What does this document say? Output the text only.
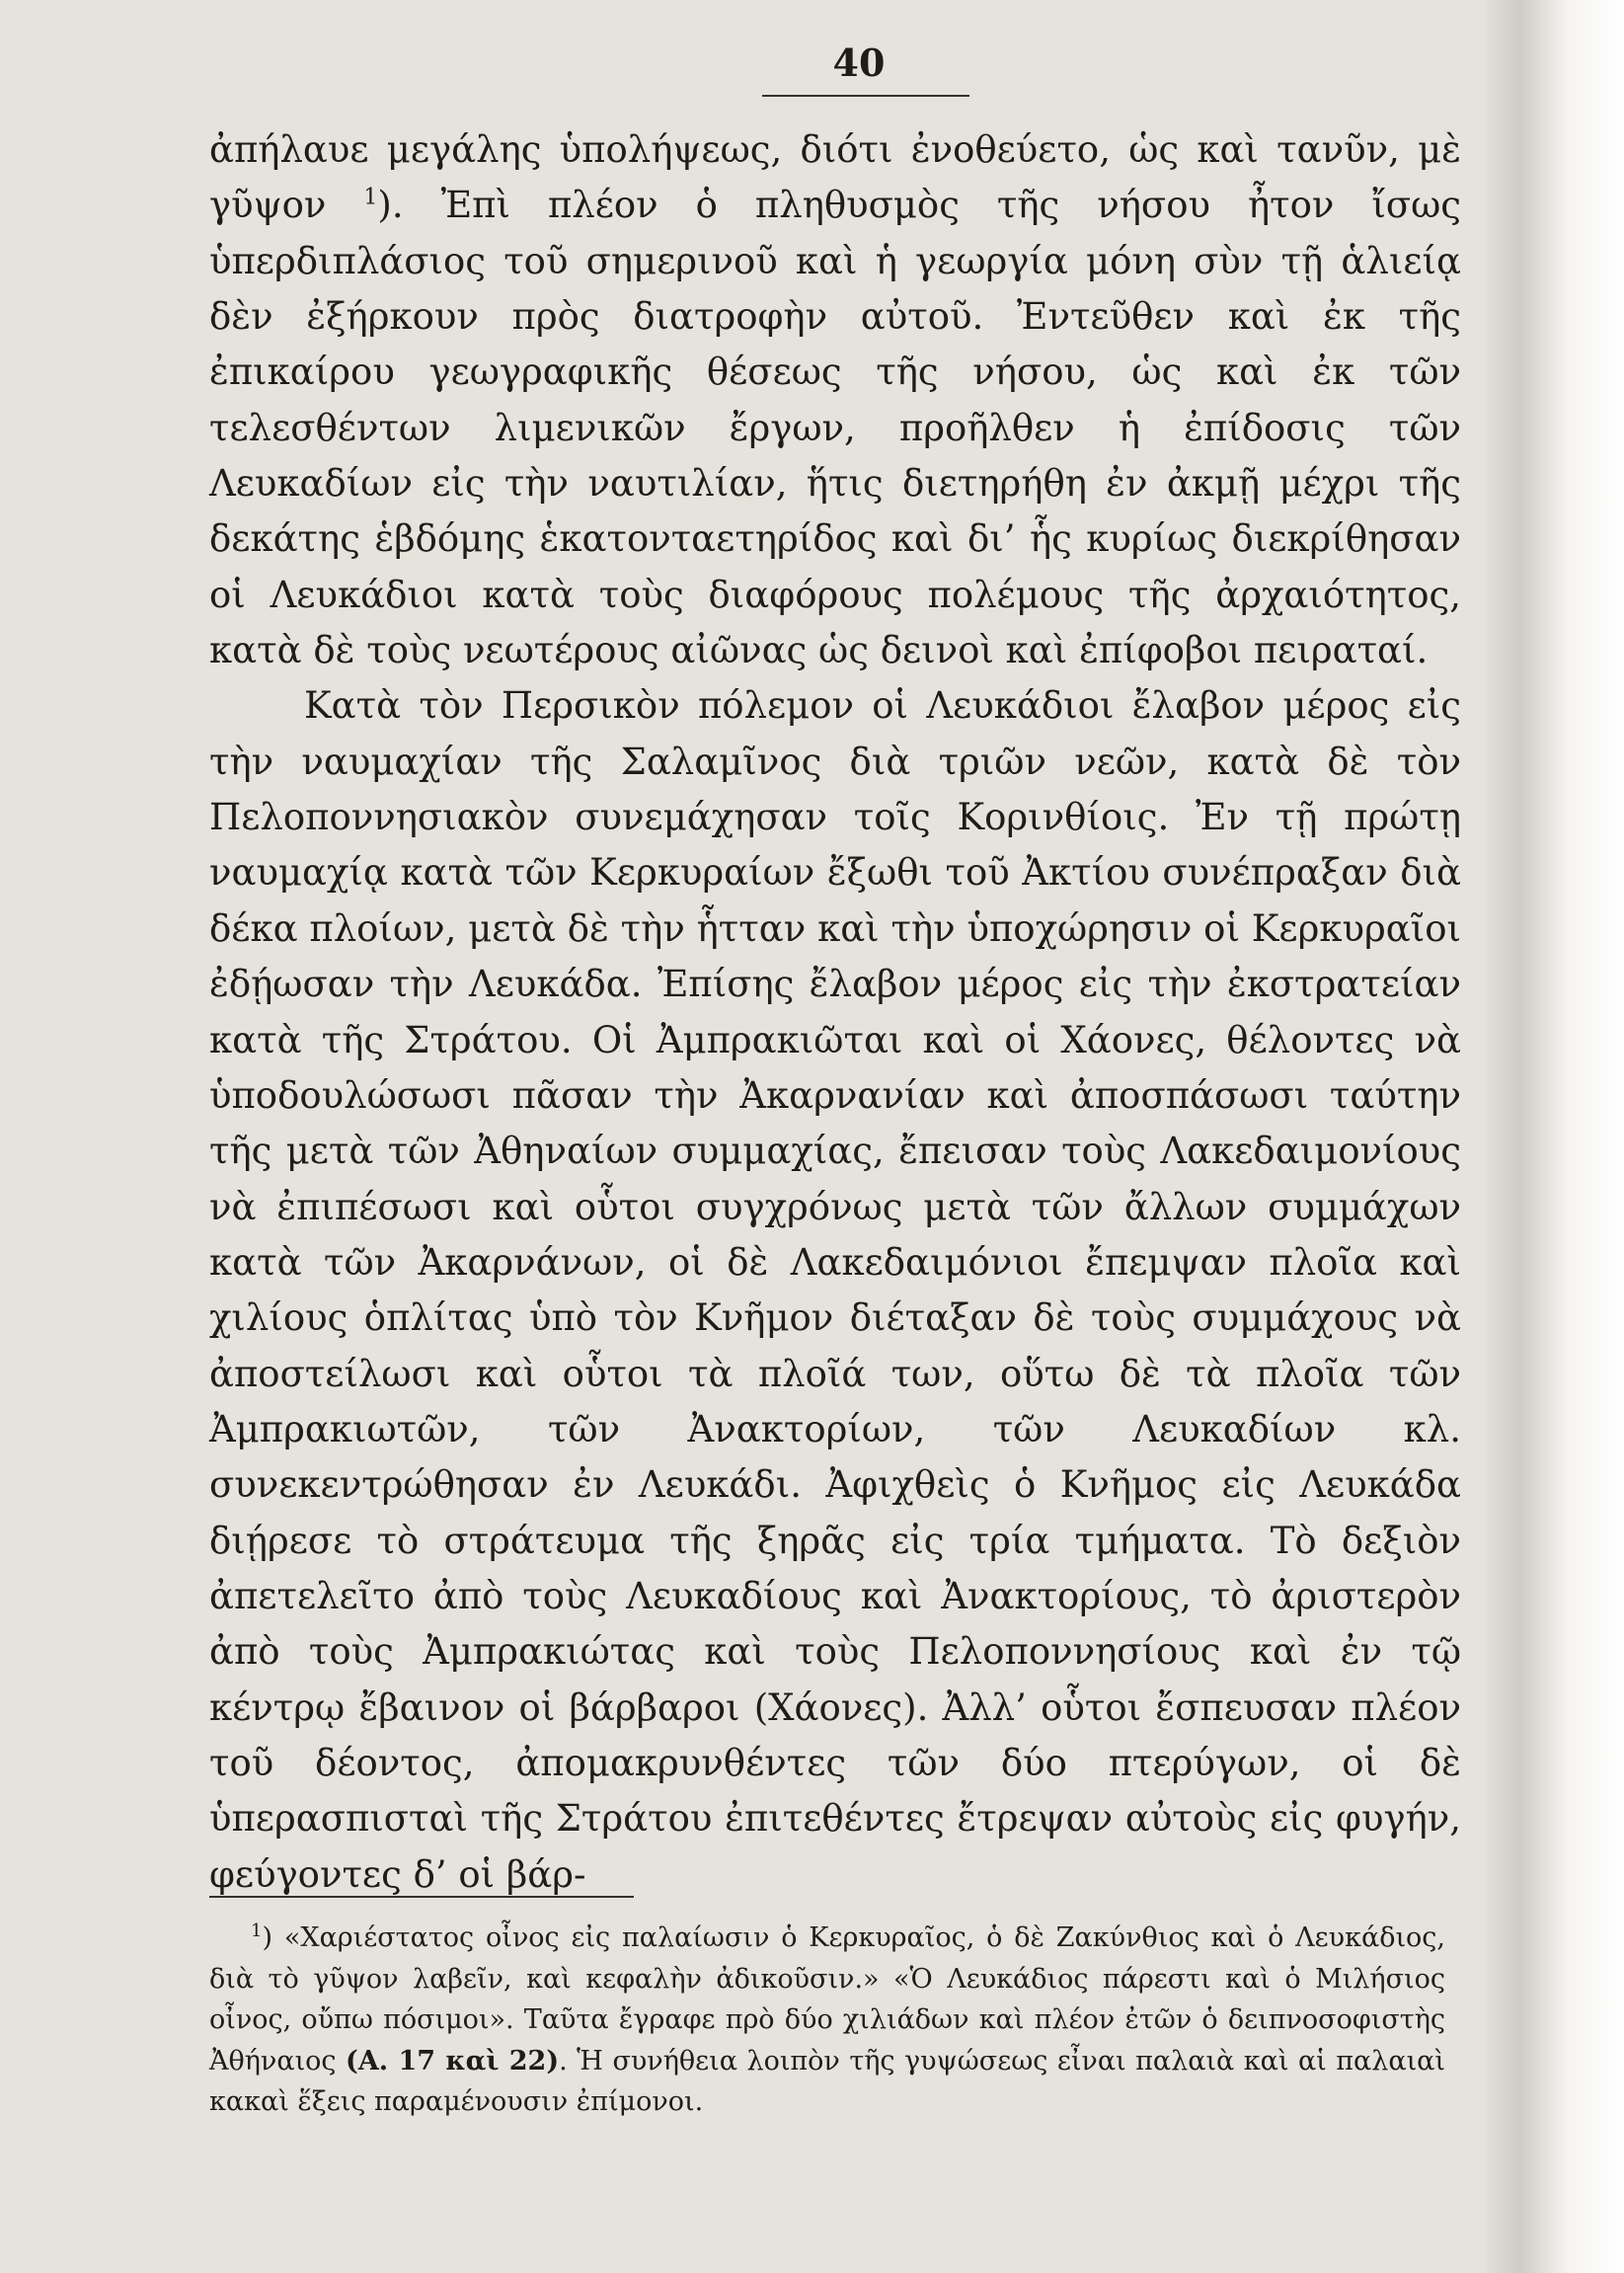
40

ἀπήλαυε μεγάλης ὑπολήψεως, διότι ἐνοθεύετο, ὡς καὶ τανῦν, μὲ γῦψον $^1$). Ἐπὶ πλέον ὁ πληθυσμὸς τῆς νήσου ἦτον ἴσως ὑπερδιπλάσιος τοῦ σημερινοῦ καὶ ἡ γεωργία μόνη σὺν τῇ ἁλιείᾳ δὲν ἐξήρκουν πρὸς διατροφὴν αὐτοῦ. Ἐντεῦθεν καὶ ἐκ τῆς ἐπικαίρου γεωγραφικῆς θέσεως τῆς νήσου, ὡς καὶ ἐκ τῶν τελεσθέντων λιμενικῶν ἔργων, προῆλθεν ἡ ἐπίδοσις τῶν Λευκαδίων εἰς τὴν ναυτιλίαν, ἥτις διετηρήθη ἐν ἀκμῇ μέχρι τῆς δεκάτης ἑβδόμης ἑκατονταετηρίδος καὶ δι’ ἧς κυρίως διεκρίθησαν οἱ Λευκάδιοι κατὰ τοὺς διαφόρους πολέμους τῆς ἀρχαιότητος, κατὰ δὲ τοὺς νεωτέρους αἰῶνας ὡς δεινοὶ καὶ ἐπίφοβοι πειραταί.

Κατὰ τὸν Περσικὸν πόλεμον οἱ Λευκάδιοι ἔλαβον μέρος εἰς τὴν ναυμαχίαν τῆς Σαλαμῖνος διὰ τριῶν νεῶν, κατὰ δὲ τὸν Πελοποννησιακὸν συνεμάχησαν τοῖς Κορινθίοις. Ἐν τῇ πρώτῃ ναυμαχίᾳ κατὰ τῶν Κερκυραίων ἔξωθι τοῦ Ἀκτίου συνέπραξαν διὰ δέκα πλοίων, μετὰ δὲ τὴν ἧτταν καὶ τὴν ὑποχώρησιν οἱ Κερκυραῖοι ἐδῄωσαν τὴν Λευκάδα. Ἐπίσης ἔλαβον μέρος εἰς τὴν ἐκστρατείαν κατὰ τῆς Στράτου. Οἱ Ἀμπρακιῶται καὶ οἱ Χάονες, θέλοντες νὰ ὑποδουλώσωσι πᾶσαν τὴν Ἀκαρνανίαν καὶ ἀποσπάσωσι ταύτην τῆς μετὰ τῶν Ἀθηναίων συμμαχίας, ἔπεισαν τοὺς Λακεδαιμονίους νὰ ἐπιπέσωσι καὶ οὗτοι συγχρόνως μετὰ τῶν ἄλλων συμμάχων κατὰ τῶν Ἀκαρνάνων, οἱ δὲ Λακεδαιμόνιοι ἔπεμψαν πλοῖα καὶ χιλίους ὁπλίτας ὑπὸ τὸν Κνῆμον διέταξαν δὲ τοὺς συμμάχους νὰ ἀποστείλωσι καὶ οὗτοι τὰ πλοῖά των, οὕτω δὲ τὰ πλοῖα τῶν Ἀμπρακιωτῶν, τῶν Ἀνακτορίων, τῶν Λευκαδίων κλ. συνεκεντρώθησαν ἐν Λευκάδι. Ἀφιχθεὶς ὁ Κνῆμος εἰς Λευκάδα διῄρεσε τὸ στράτευμα τῆς ξηρᾶς εἰς τρία τμήματα. Τὸ δεξιὸν ἀπετελεῖτο ἀπὸ τοὺς Λευκαδίους καὶ Ἀνακτορίους, τὸ ἀριστερὸν ἀπὸ τοὺς Ἀμπρακιώτας καὶ τοὺς Πελοποννησίους καὶ ἐν τῷ κέντρῳ ἔβαινον οἱ βάρβαροι (Χάονες). Ἀλλ’ οὗτοι ἔσπευσαν πλέον τοῦ δέοντος, ἀπομακρυνθέντες τῶν δύο πτερύγων, οἱ δὲ ὑπερασπισταὶ τῆς Στράτου ἐπιτεθέντες ἔτρεψαν αὐτοὺς εἰς φυγήν, φεύγοντες δ’ οἱ βάρ-

$^1$) «Χαριέστατος οἶνος εἰς παλαίωσιν ὁ Κερκυραῖος, ὁ δὲ Ζακύνθιος καὶ ὁ Λευκάδιος, διὰ τὸ γῦψον λαβεῖν, καὶ κεφαλὴν ἀδικοῦσιν.» «Ὁ Λευκάδιος πάρεστι καὶ ὁ Μιλήσιος οἶνος, οὔπω πόσιμοι». Ταῦτα ἔγραφε πρὸ δύο χιλιάδων καὶ πλέον ἐτῶν ὁ δειπνοσοφιστὴς Ἀθήναιος (Α. 17 καὶ 22). Ἡ συνήθεια λοιπὸν τῆς γυψώσεως εἶναι παλαιὰ καὶ αἱ παλαιαὶ κακαὶ ἕξεις παραμένουσιν ἐπίμονοι.
